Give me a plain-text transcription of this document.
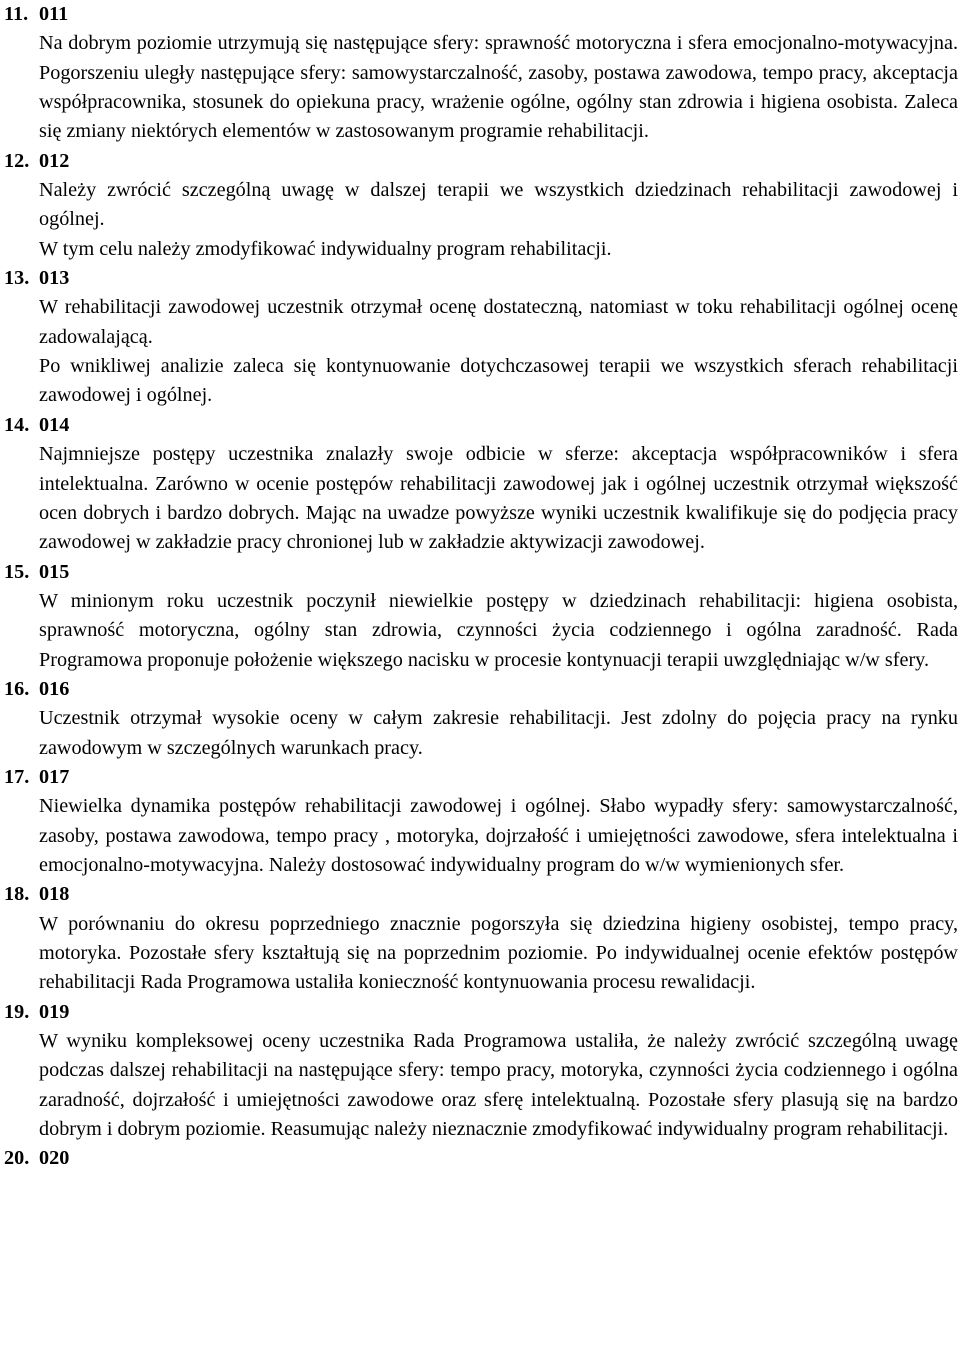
11. 011

Na dobrym poziomie utrzymują się następujące sfery: sprawność motoryczna i sfera emocjonalno-motywacyjna. Pogorszeniu uległy następujące sfery: samowystarczalność, zasoby, postawa zawodowa, tempo pracy, akceptacja współpracownika, stosunek do opiekuna pracy, wrażenie ogólne, ogólny stan zdrowia i higiena osobista. Zaleca się zmiany niektórych elementów w zastosowanym programie rehabilitacji.

12. 012

Należy zwrócić szczególną uwagę w dalszej terapii we wszystkich dziedzinach rehabilitacji zawodowej i ogólnej.

W tym celu należy zmodyfikować indywidualny program rehabilitacji.

13. 013

W rehabilitacji zawodowej uczestnik otrzymał ocenę dostateczną, natomiast w toku rehabilitacji ogólnej ocenę zadowalającą.

Po wnikliwej analizie zaleca się kontynuowanie dotychczasowej terapii we wszystkich sferach rehabilitacji zawodowej i ogólnej.

14. 014

Najmniejsze postępy uczestnika znalazły swoje odbicie w sferze: akceptacja współpracowników i sfera intelektualna. Zarówno w ocenie postępów rehabilitacji zawodowej jak i ogólnej uczestnik otrzymał większość ocen dobrych i bardzo dobrych. Mając na uwadze powyższe wyniki uczestnik kwalifikuje się do podjęcia pracy zawodowej w zakładzie pracy chronionej lub w zakładzie aktywizacji zawodowej.

15. 015

W minionym roku uczestnik poczynił niewielkie postępy w dziedzinach rehabilitacji: higiena osobista, sprawność motoryczna, ogólny stan zdrowia, czynności życia codziennego i ogólna zaradność. Rada Programowa proponuje położenie większego nacisku w procesie kontynuacji terapii uwzględniając w/w sfery.

16. 016

Uczestnik otrzymał wysokie oceny w całym zakresie rehabilitacji. Jest zdolny do pojęcia pracy na rynku zawodowym w szczególnych warunkach pracy.

17. 017

Niewielka dynamika postępów rehabilitacji zawodowej i ogólnej. Słabo wypadły sfery: samowystarczalność, zasoby, postawa zawodowa, tempo pracy , motoryka, dojrzałość i umiejętności zawodowe, sfera intelektualna i emocjonalno-motywacyjna. Należy dostosować indywidualny program do w/w wymienionych sfer.

18. 018

W porównaniu do okresu poprzedniego znacznie pogorszyła się dziedzina higieny osobistej, tempo pracy, motoryka. Pozostałe sfery kształtują się na poprzednim poziomie. Po indywidualnej ocenie efektów postępów rehabilitacji Rada Programowa ustaliła konieczność kontynuowania procesu rewalidacji.

19. 019

W wyniku kompleksowej oceny uczestnika Rada Programowa ustaliła, że należy zwrócić szczególną uwagę podczas dalszej rehabilitacji na następujące sfery: tempo pracy, motoryka, czynności życia codziennego i ogólna zaradność, dojrzałość i umiejętności zawodowe oraz sferę intelektualną. Pozostałe sfery plasują się na bardzo dobrym i dobrym poziomie. Reasumując należy nieznacznie zmodyfikować indywidualny program rehabilitacji.

20. 020
